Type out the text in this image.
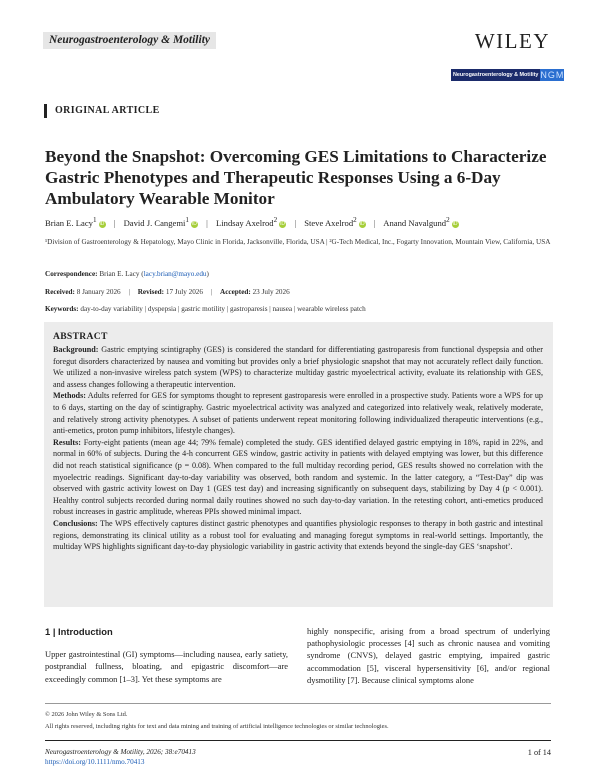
Neurogastroenterology & Motility	WILEY
Neurogastroenterology & Motility NGM
ORIGINAL ARTICLE
Beyond the Snapshot: Overcoming GES Limitations to Characterize Gastric Phenotypes and Therapeutic Responses Using a 6-Day Ambulatory Wearable Monitor
Brian E. Lacy$^1$ iD | David J. Cangemi$^1$ iD | Lindsay Axelrod$^2$ iD | Steve Axelrod$^2$ iD | Anand Navalgund$^2$ iD
¹Division of Gastroenterology & Hepatology, Mayo Clinic in Florida, Jacksonville, Florida, USA | ²G-Tech Medical, Inc., Fogarty Innovation, Mountain View, California, USA
Correspondence: Brian E. Lacy (lacy.brian@mayo.edu)
Received: 8 January 2026 | Revised: 17 July 2026 | Accepted: 23 July 2026
Keywords: day-to-day variability | dyspepsia | gastric motility | gastroparesis | nausea | wearable wireless patch
ABSTRACT

Background: Gastric emptying scintigraphy (GES) is considered the standard for differentiating gastroparesis from functional dyspepsia and other foregut disorders characterized by nausea and vomiting but provides only a brief physiologic snapshot that may not accurately reflect daily function. We utilized a non-invasive wireless patch system (WPS) to characterize multiday gastric myoelectrical activity, evaluate its relationship with GES, and assess changes following a therapeutic intervention.

Methods: Adults referred for GES for symptoms thought to represent gastroparesis were enrolled in a prospective study. Patients wore a WPS for up to 6 days, starting on the day of scintigraphy. Gastric myoelectrical activity was analyzed and categorized into relatively weak, relatively moderate, and relatively strong activity phenotypes. A subset of patients underwent repeat monitoring following individualized therapeutic interventions (e.g., anti-emetics, proton pump inhibitors, lifestyle changes).

Results: Forty-eight patients (mean age 44; 79% female) completed the study. GES identified delayed gastric emptying in 18%, rapid in 22%, and normal in 60% of subjects. During the 4-h concurrent GES window, gastric activity in patients with delayed emptying was lower, but this difference did not reach statistical significance (p = 0.08). When compared to the full multiday recording period, GES results showed no correlation with the myoelectric readings. Significant day-to-day variability was observed, both random and systemic. In the latter category, a “Test-Day” dip was observed with gastric activity lowest on Day 1 (GES test day) and increasing significantly on subsequent days, stabilizing by Day 4 (p < 0.001). Healthy control subjects recorded during normal daily routines showed no such day-to-day variation. In the retesting cohort, anti-emetics produced robust increases in gastric amplitude, whereas PPIs showed minimal impact.

Conclusions: The WPS effectively captures distinct gastric phenotypes and quantifies physiologic responses to therapy in both gastric and intestinal regions, demonstrating its clinical utility as a robust tool for evaluating and managing foregut symptoms in real-world settings. Importantly, the multiday WPS highlights significant day-to-day physiologic variability in gastric activity that extends beyond the single-day GES ‘snapshot’.

1 | Introduction
Upper gastrointestinal (GI) symptoms—including nausea, early satiety, postprandial fullness, bloating, and epigastric discomfort—are exceedingly common [1–3]. Yet these symptoms are
highly nonspecific, arising from a broad spectrum of underlying pathophysiologic processes [4] such as chronic nausea and vomiting syndrome (CNVS), delayed gastric emptying, impaired gastric accommodation [5], visceral hypersensitivity [6], and/or regional dysmotility [7]. Because clinical symptoms alone
© 2026 John Wiley & Sons Ltd.
All rights reserved, including rights for text and data mining and training of artificial intelligence technologies or similar technologies.
Neurogastroenterology & Motility, 2026; 38:e70413
https://doi.org/10.1111/nmo.70413
1 of 14
